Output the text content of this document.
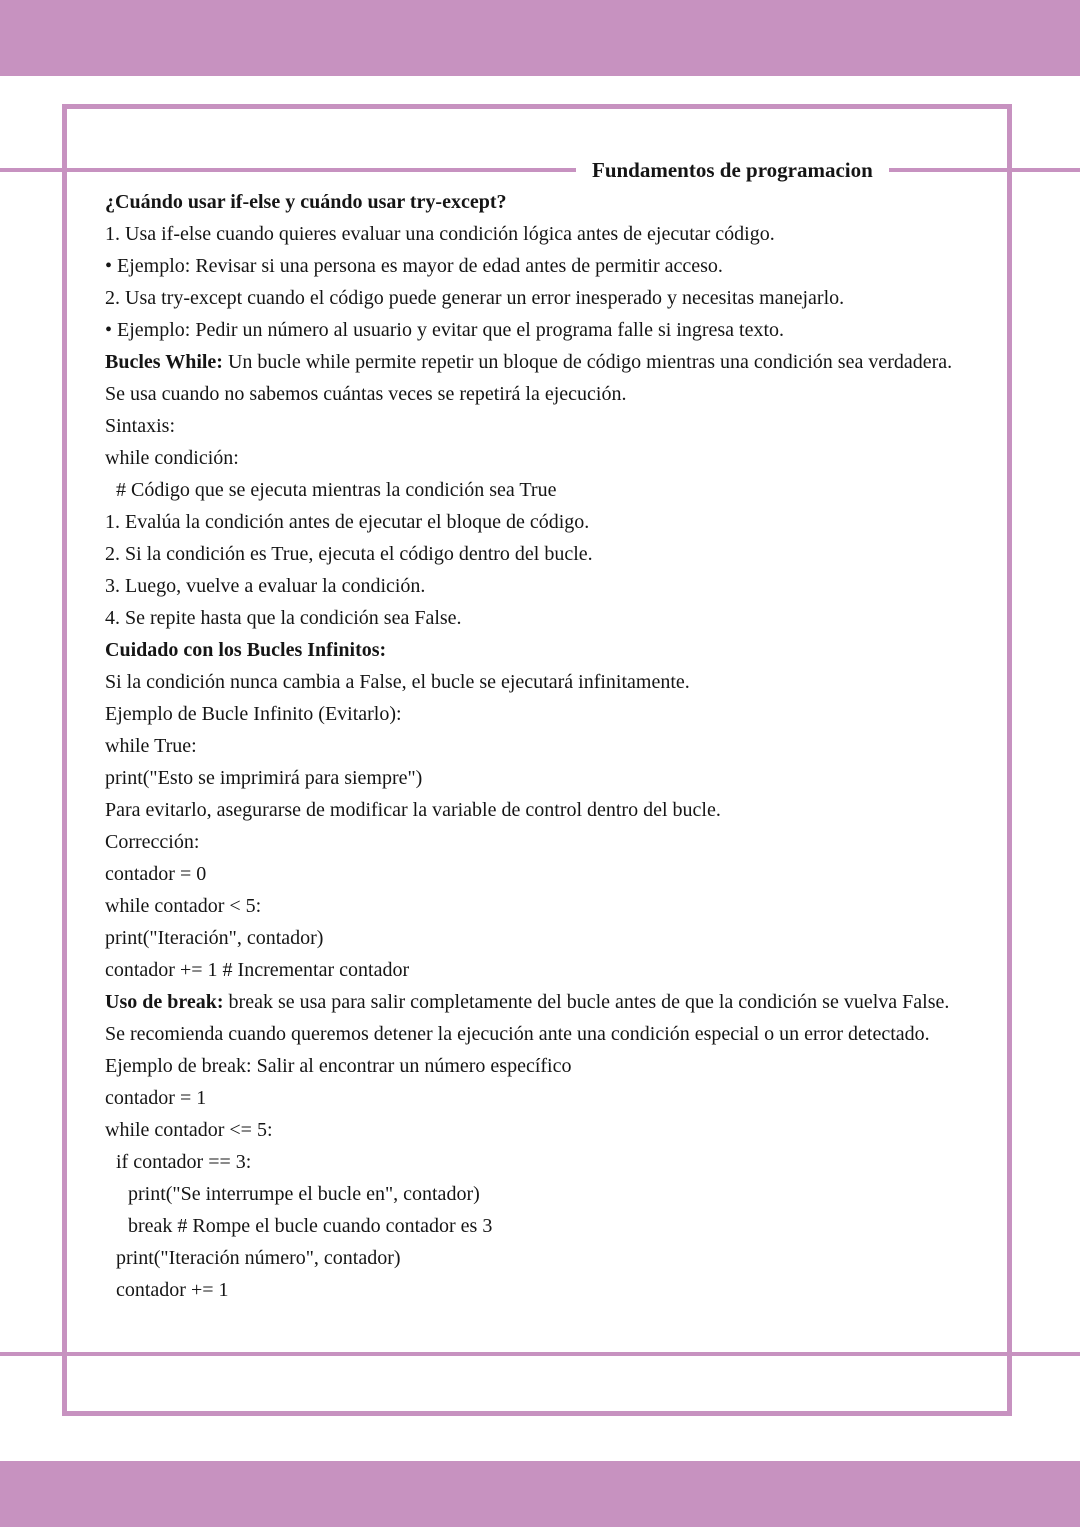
Fundamentos de programacion

¿Cuándo usar if-else y cuándo usar try-except?

1. Usa if-else cuando quieres evaluar una condición lógica antes de ejecutar código.

• Ejemplo: Revisar si una persona es mayor de edad antes de permitir acceso.

2. Usa try-except cuando el código puede generar un error inesperado y necesitas manejarlo.

• Ejemplo: Pedir un número al usuario y evitar que el programa falle si ingresa texto.

Bucles While: Un bucle while permite repetir un bloque de código mientras una condición sea verdadera.

Se usa cuando no sabemos cuántas veces se repetirá la ejecución.

Sintaxis:

while condición:

# Código que se ejecuta mientras la condición sea True

1. Evalúa la condición antes de ejecutar el bloque de código.

2. Si la condición es True, ejecuta el código dentro del bucle.

3. Luego, vuelve a evaluar la condición.

4. Se repite hasta que la condición sea False.

Cuidado con los Bucles Infinitos:

Si la condición nunca cambia a False, el bucle se ejecutará infinitamente.

Ejemplo de Bucle Infinito (Evitarlo):

while True:

print("Esto se imprimirá para siempre")

Para evitarlo, asegurarse de modificar la variable de control dentro del bucle.

Corrección:

contador = 0

while contador < 5:

print("Iteración", contador)

contador += 1 # Incrementar contador

Uso de break: break se usa para salir completamente del bucle antes de que la condición se vuelva False.

Se recomienda cuando queremos detener la ejecución ante una condición especial o un error detectado.

Ejemplo de break: Salir al encontrar un número específico

contador = 1

while contador <= 5:

if contador == 3:

print("Se interrumpe el bucle en", contador)

break # Rompe el bucle cuando contador es 3

print("Iteración número", contador)

contador += 1
